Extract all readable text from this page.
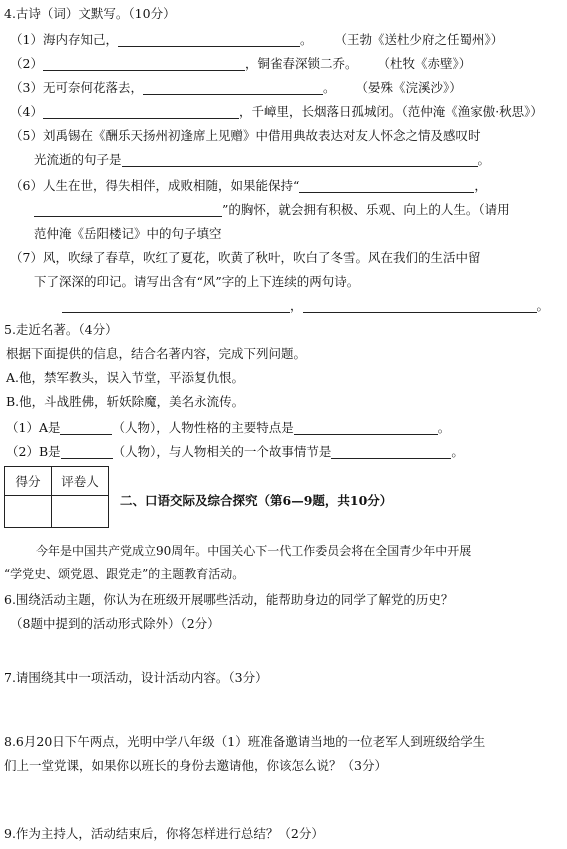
4.古诗（词）文默写。（10分）
（1）海内存知己，	。 （王勃《送杜少府之任蜀州》）
（2）	，铜雀春深锁二乔。 （杜牧《赤壁》）
（3）无可奈何花落去，	。 （晏殊《浣溪沙》）
（4）	，千嶂里，长烟落日孤城闭。（范仲淹《渔家傲·秋思》）
（5）刘禹锡在《酬乐天扬州初逢席上见赠》中借用典故表达对友人怀念之情及感叹时
光流逝的句子是	。
（6）人生在世，得失相伴，成败相随，如果能保持“	，
”的胸怀，就会拥有积极、乐观、向上的人生。（请用
范仲淹《岳阳楼记》中的句子填空
（7）风，吹绿了春草，吹红了夏花，吹黄了秋叶，吹白了冬雪。风在我们的生活中留
下了深深的印记。请写出含有“风”字的上下连续的两句诗。
，	。
5.走近名著。（4分）
根据下面提供的信息，结合名著内容，完成下列问题。
A.他，禁军教头，误入节堂，平添复仇恨。
B.他，斗战胜佛，斩妖除魔，美名永流传。
（1）A是	（人物），人物性格的主要特点是	。
（2）B是	（人物），与人物相关的一个故事情节是	。
得分	评卷人

二、口语交际及综合探究（第6—9题，共10分）
今年是中国共产党成立90周年。中国关心下一代工作委员会将在全国青少年中开展
“学党史、颂党恩、跟党走”的主题教育活动。
6.围绕活动主题，你认为在班级开展哪些活动，能帮助身边的同学了解党的历史？
（8题中提到的活动形式除外）（2分）
7.请围绕其中一项活动，设计活动内容。（3分）
8.6月20日下午两点，光明中学八年级（1）班准备邀请当地的一位老军人到班级给学生
们上一堂党课，如果你以班长的身份去邀请他，你该怎么说？（3分）
9.作为主持人，活动结束后，你将怎样进行总结？（2分）
